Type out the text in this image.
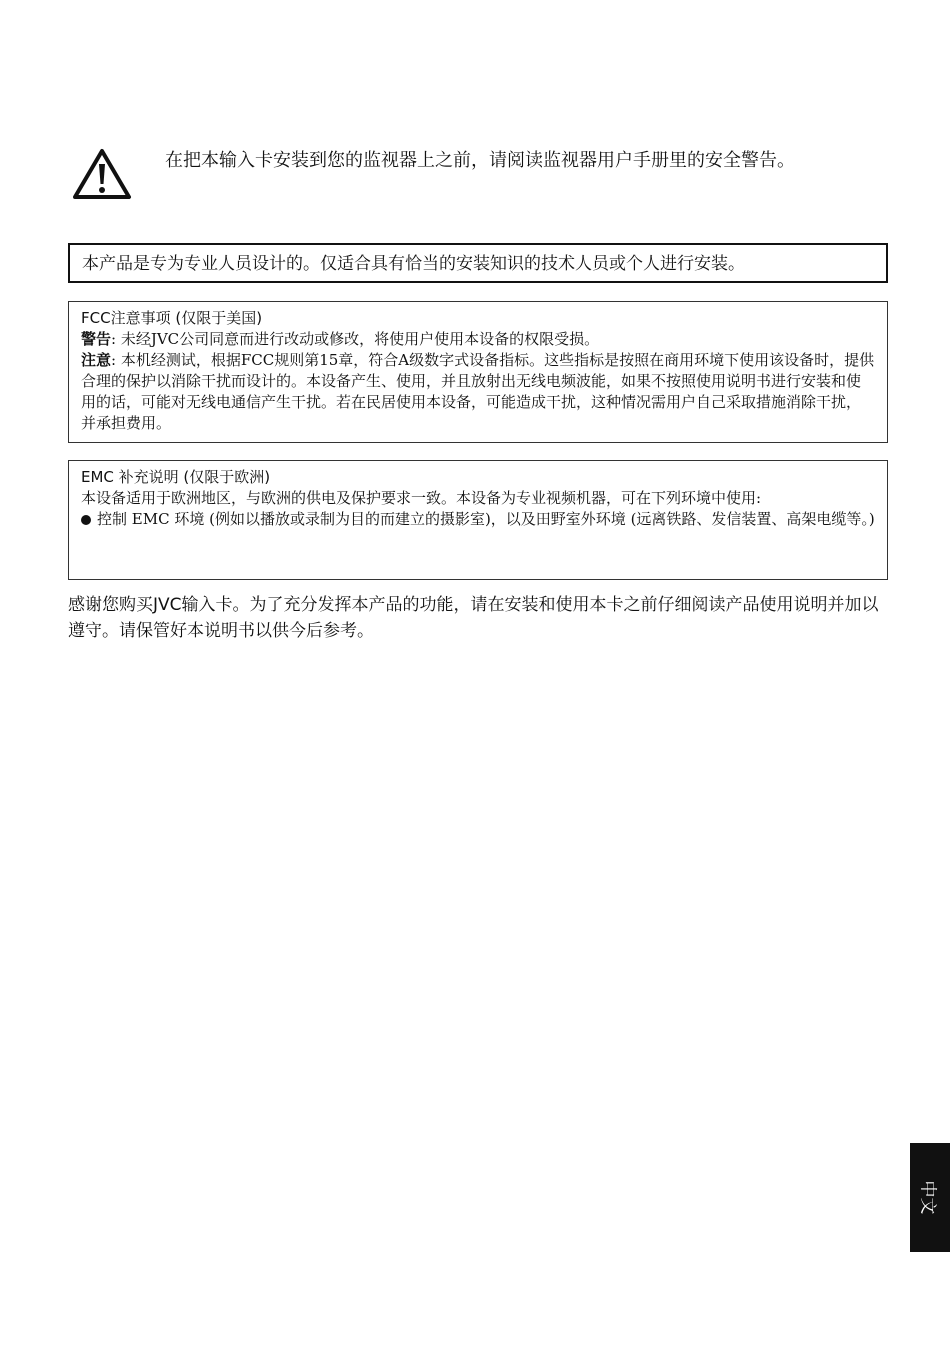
在把本输入卡安装到您的监视器上之前，请阅读监视器用户手册里的安全警告。
本产品是专为专业人员设计的。仅适合具有恰当的安装知识的技术人员或个人进行安装。

FCC注意事项 (仅限于美国)

警告: 未经JVC公司同意而进行改动或修改，将使用户使用本设备的权限受损。

注意: 本机经测试，根据FCC规则第15章，符合A级数字式设备指标。这些指标是按照在商用环境下使用该设备时，提供合理的保护以消除干扰而设计的。本设备产生、使用，并且放射出无线电频波能，如果不按照使用说明书进行安装和使用的话，可能对无线电通信产生干扰。若在民居使用本设备，可能造成干扰，这种情况需用户自己采取措施消除干扰，并承担费用。

EMC 补充说明 (仅限于欧洲)

本设备适用于欧洲地区，与欧洲的供电及保护要求一致。本设备为专业视频机器，可在下列环境中使用:

控制 EMC 环境 (例如以播放或录制为目的而建立的摄影室)，以及田野室外环境 (远离铁路、发信装置、高架电缆等。)

感谢您购买JVC输入卡。为了充分发挥本产品的功能，请在安装和使用本卡之前仔细阅读产品使用说明并加以遵守。请保管好本说明书以供今后参考。

中文
